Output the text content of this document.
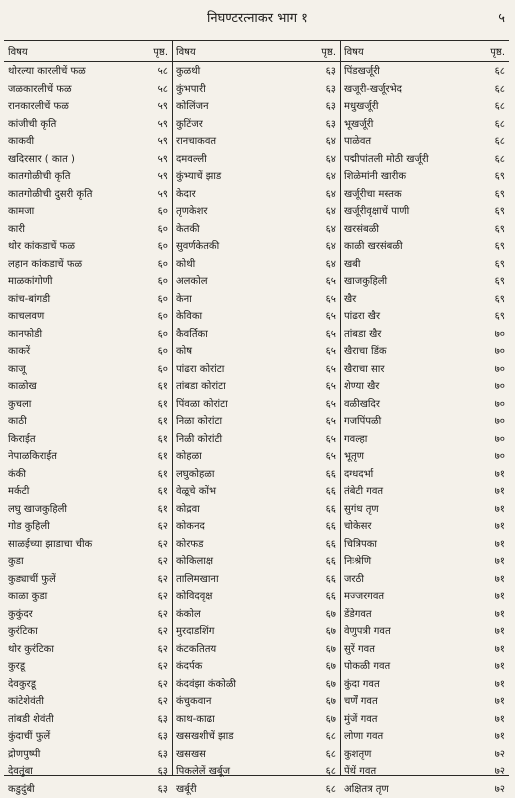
निघण्टरत्नाकर भाग १	५
विषय	पृष्ठ.
थोरल्या कारलीचें फळ	५८
जळकारलीचें फळ	५८
रानकारलीचें फळ	५९
कांजीची कृति	५९
काकवी	५९
खदिरसार ( कात )	५९
कातगोळीची कृति	५९
कातगोळीची दुसरी कृति	५९
कामजा	६०
कारी	६०
थोर कांकडाचें फळ	६०
लहान कांकडाचें फळ	६०
माळकांगोणी	६०
कांच-बांगडी	६०
काचलवण	६०
कानफोडी	६०
काकरें	६०
काजू	६०
काळोख	६१
कुचला	६१
काठी	६१
किराईत	६१
नेपाळकिराईत	६१
कंकी	६१
मर्कटी	६१
लघु खाजकुहिली	६१
गोड कुहिली	६२
साळईच्या झाडाचा चीक	६२
कुडा	६२
कुड्याचीं फुलें	६२
काळा कुडा	६२
कुकुंदर	६२
कुरंटिका	६२
थोर कुरंटिका	६२
कुरडू	६२
देवकुरडू	६२
कांटेशेवंती	६२
तांबडी शेवंती	६३
कुंदाचीं फुलें	६३
द्रोणपुष्पी	६३
देवतुंबा	६३
कडुदुंबी	६३
विषय	पृष्ठ.
कुळथी	६३
कुंभपारी	६३
कोलिंजन	६३
कुटिंजर	६३
रानचाकवत	६४
दमवल्ली	६४
कुंभ्याचें झाड	६४
केदार	६४
तृणकेशर	६४
केतकी	६४
सुवर्णकेतकी	६४
कोथी	६४
अलकोल	६५
केना	६५
केविका	६५
कैवर्तिका	६५
कोष	६५
पांढरा कोरांटा	६५
तांबडा कोरांटा	६५
पिंवळा कोरांटा	६५
निळा कोरांटा	६५
निळी कोरांटी	६५
कोहळा	६५
लघुकोहळा	६६
वेळूचे कोंभ	६६
कोद्रवा	६६
कोकनद	६६
कोरफड	६६
कोकिलाक्ष	६६
तालिमखाना	६६
कोविदवृक्ष	६६
कंकोल	६७
मुरदाडशिंग	६७
कंटकतितय	६७
कंदर्पक	६७
कंदवंझा कंकोळी	६७
कंचुकवान	६७
काथ-काढा	६७
खसखशीचें झाड	६८
खसखस	६८
पिकलेलें खर्बूज	६८
खर्बूरी	६८
विषय	पृष्ठ.
पिंडखर्जूरी	६८
खजूरी-खर्जूरभेद	६८
मधुखर्जूरी	६८
भूखर्जूरी	६८
पाळेवत	६८
पद्मीपांतली मोठी खर्जूरी	६८
शिळेमांनी खारीक	६९
खर्जूरीचा मस्तक	६९
खर्जूरीवृक्षाचें पाणी	६९
खरसंबळी	६९
काळी खरसंबळी	६९
खबी	६९
खाजकुहिली	६९
खैर	६९
पांढरा खैर	६९
तांबडा खैर	७०
खैराचा डिंक	७०
खैराचा सार	७०
शेण्या खैर	७०
वळीखदिर	७०
गजपिंपळी	७०
गवल्हा	७०
भूतृण	७०
दग्धदर्भा	७१
तंबेटी गवत	७१
सुगंध तृण	७१
चोकेसर	७१
चित्रिपका	७१
निःश्रेणि	७१
जरठी	७१
मज्जरगवत	७१
डेंडेगवत	७१
वेणुपत्री गवत	७१
सुरें गवत	७१
पोकळी गवत	७१
कुंदा गवत	७१
चर्णें गवत	७१
मुंजें गवत	७१
लोणा गवत	७१
कुशतृण	७२
पेंथें गवत	७२
अक्षितत्र तृण	७२
